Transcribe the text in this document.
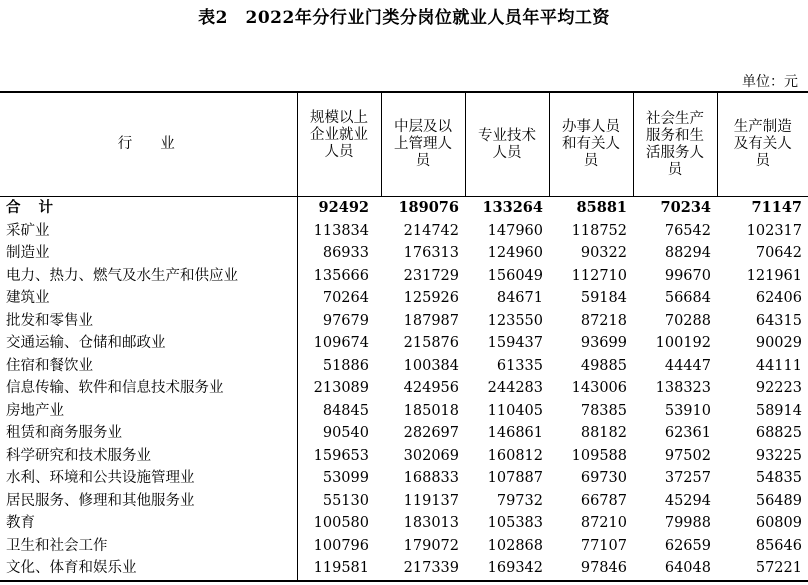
表2　2022年分行业门类分岗位就业人员年平均工资
单位：元
行业	规模以上企业就业人员	中层及以上管理人员	专业技术人员	办事人员和有关人员	社会生产服务和生活服务人员	生产制造及有关人员
合计	92492	189076	133264	85881	70234	71147
采矿业	113834	214742	147960	118752	76542	102317
制造业	86933	176313	124960	90322	88294	70642
电力、热力、燃气及水生产和供应业	135666	231729	156049	112710	99670	121961
建筑业	70264	125926	84671	59184	56684	62406
批发和零售业	97679	187987	123550	87218	70288	64315
交通运输、仓储和邮政业	109674	215876	159437	93699	100192	90029
住宿和餐饮业	51886	100384	61335	49885	44447	44111
信息传输、软件和信息技术服务业	213089	424956	244283	143006	138323	92223
房地产业	84845	185018	110405	78385	53910	58914
租赁和商务服务业	90540	282697	146861	88182	62361	68825
科学研究和技术服务业	159653	302069	160812	109588	97502	93225
水利、环境和公共设施管理业	53099	168833	107887	69730	37257	54835
居民服务、修理和其他服务业	55130	119137	79732	66787	45294	56489
教育	100580	183013	105383	87210	79988	60809
卫生和社会工作	100796	179072	102868	77107	62659	85646
文化、体育和娱乐业	119581	217339	169342	97846	64048	57221
